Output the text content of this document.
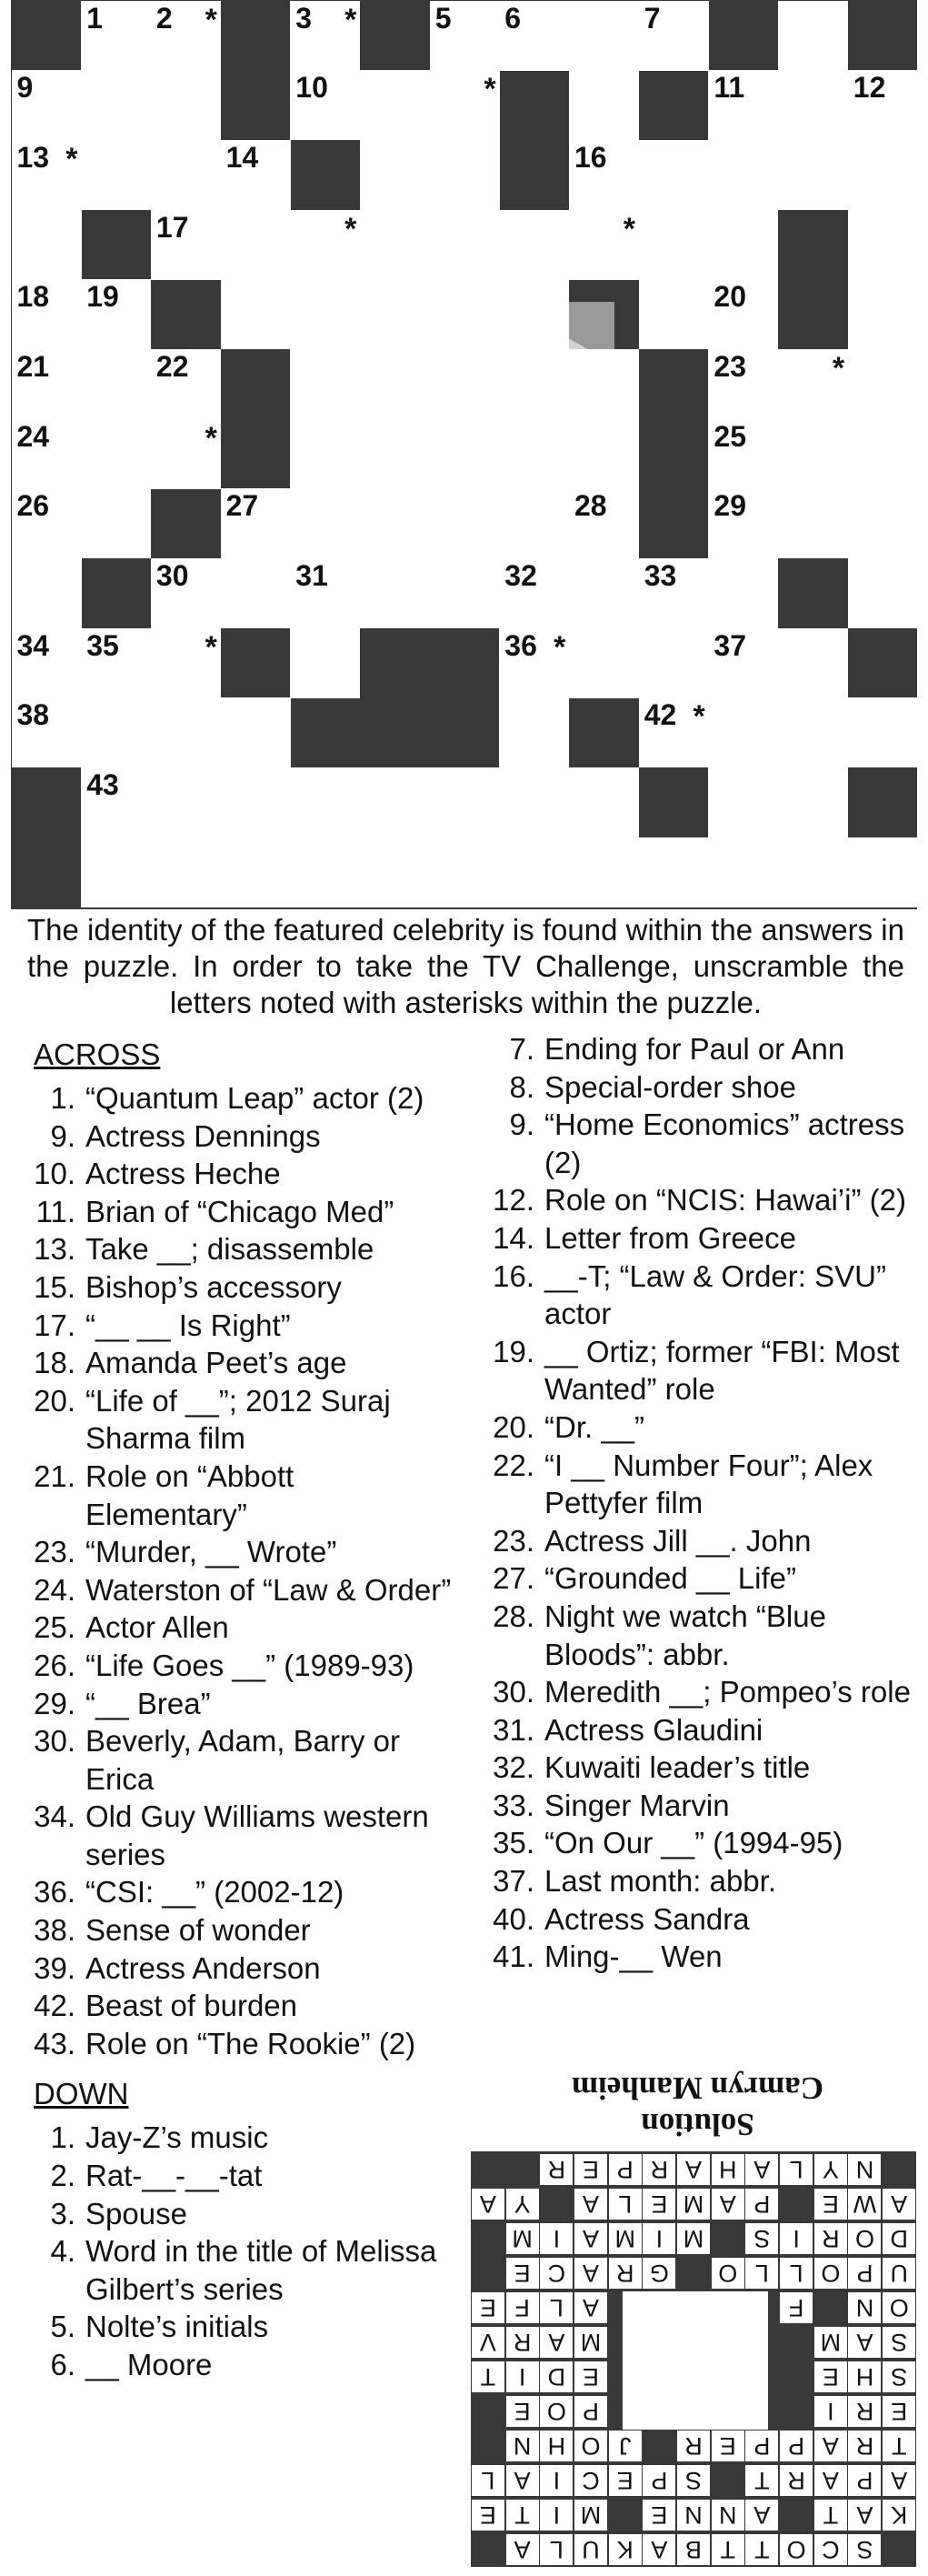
1 2 *	3 *	5 6	7
9	10	*	11	12
13 *	14	16
17	*	*
18 19	20
21	22	23	*
24	*	25
26	27	28	29
30	31	32	33
34 35	*	36 *	37
38	42 *
43
The identity of the featured celebrity is found within the answers in the puzzle. In order to take the TV Challenge, unscramble the letters noted with asterisks within the puzzle.
ACROSS
1. “Quantum Leap” actor (2)
9. Actress Dennings
10. Actress Heche
11. Brian of “Chicago Med”
13. Take __; disassemble
15. Bishop’s accessory
17. “__ __ Is Right”
18. Amanda Peet’s age
20. “Life of __”; 2012 Suraj Sharma film
21. Role on “Abbott Elementary”
23. “Murder, __ Wrote”
24. Waterston of “Law & Order”
25. Actor Allen
26. “Life Goes __” (1989-93)
29. “__ Brea”
30. Beverly, Adam, Barry or Erica
34. Old Guy Williams western series
36. “CSI: __” (2002-12)
38. Sense of wonder
39. Actress Anderson
42. Beast of burden
43. Role on “The Rookie” (2)
DOWN
1. Jay-Z’s music
2. Rat-__-__-tat
3. Spouse
4. Word in the title of Melissa Gilbert’s series
5. Nolte’s initials
6. __ Moore
7. Ending for Paul or Ann
8. Special-order shoe
9. “Home Economics” actress (2)
12. Role on “NCIS: Hawai’i” (2)
14. Letter from Greece
16. __-T; “Law & Order: SVU” actor
19. __ Ortiz; former “FBI: Most Wanted” role
20. “Dr. __”
22. “I __ Number Four”; Alex Pettyfer film
23. Actress Jill __. John
27. “Grounded __ Life”
28. Night we watch “Blue Bloods”: abbr.
30. Meredith __; Pompeo’s role
31. Actress Glaudini
32. Kuwaiti leader’s title
33. Singer Marvin
35. “On Our __” (1994-95)
37. Last month: abbr.
40. Actress Sandra
41. Ming-__ Wen
Solution
Camryn Manheim
S
C
O
T
T
B
A
K
U
L
A
K
A
T
A
N
N
E
M
I
T
E
A
P
A
R
T
S
P
E
C
I
A
L
T
R
A
P
P
E
R
J
O
H
N
E
R
I
P
O
E
S
H
E
E
D
I
T
S
A
M
M
A
R
V
O
N
F
A
L
F
E
U
P
O
L
L
O
G
R
A
C
E
D
O
R
I
S
M
I
M
A
I
M
A
W
E
P
A
M
E
L
A
Y
A
N
Y
L
A
H
A
R
P
E
R
